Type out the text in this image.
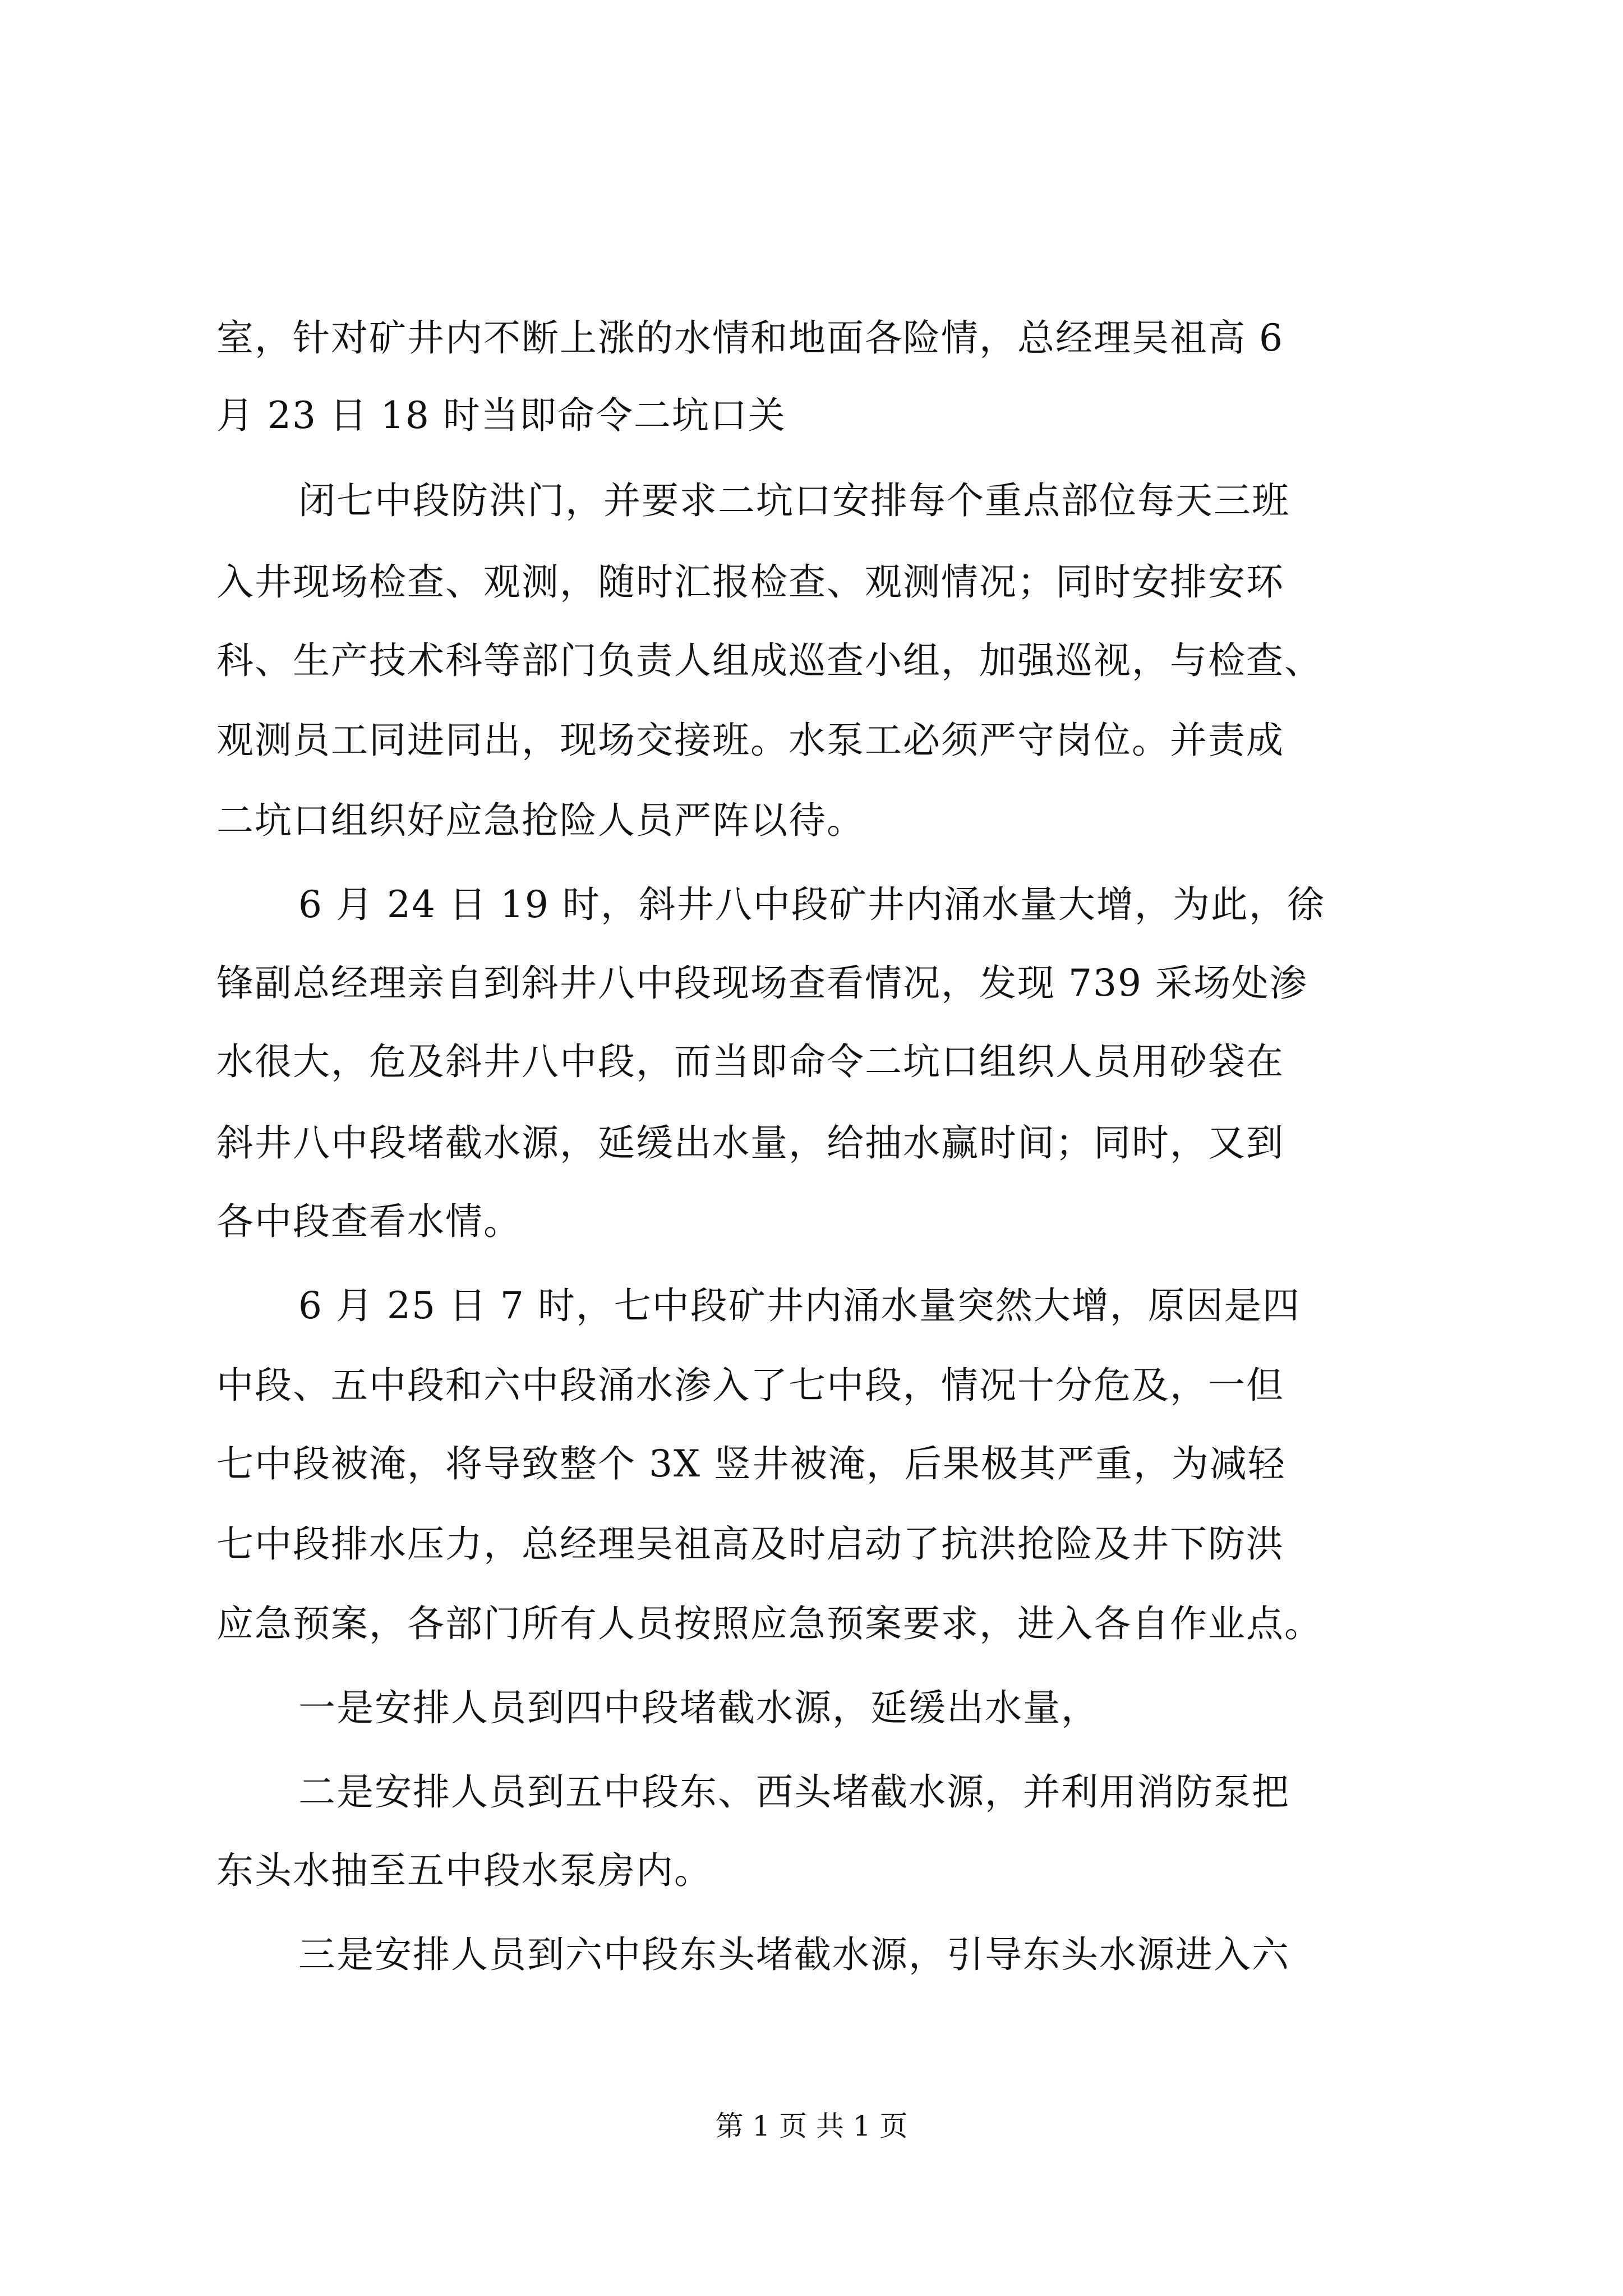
室，针对矿井内不断上涨的水情和地面各险情，总经理吴祖高 6
月 23 日 18 时当即命令二坑口关
闭七中段防洪门，并要求二坑口安排每个重点部位每天三班
入井现场检查、观测，随时汇报检查、观测情况；同时安排安环
科、生产技术科等部门负责人组成巡查小组，加强巡视，与检查、
观测员工同进同出，现场交接班。水泵工必须严守岗位。并责成
二坑口组织好应急抢险人员严阵以待。
6 月 24 日 19 时，斜井八中段矿井内涌水量大增，为此，徐
锋副总经理亲自到斜井八中段现场查看情况，发现 739 采场处渗
水很大，危及斜井八中段，而当即命令二坑口组织人员用砂袋在
斜井八中段堵截水源，延缓出水量，给抽水赢时间；同时，又到
各中段查看水情。
6 月 25 日 7 时，七中段矿井内涌水量突然大增，原因是四
中段、五中段和六中段涌水渗入了七中段，情况十分危及，一但
七中段被淹，将导致整个 3X 竖井被淹，后果极其严重，为减轻
七中段排水压力，总经理吴祖高及时启动了抗洪抢险及井下防洪
应急预案，各部门所有人员按照应急预案要求，进入各自作业点。
一是安排人员到四中段堵截水源，延缓出水量，
二是安排人员到五中段东、西头堵截水源，并利用消防泵把
东头水抽至五中段水泵房内。
三是安排人员到六中段东头堵截水源，引导东头水源进入六
第 1 页 共 1 页
